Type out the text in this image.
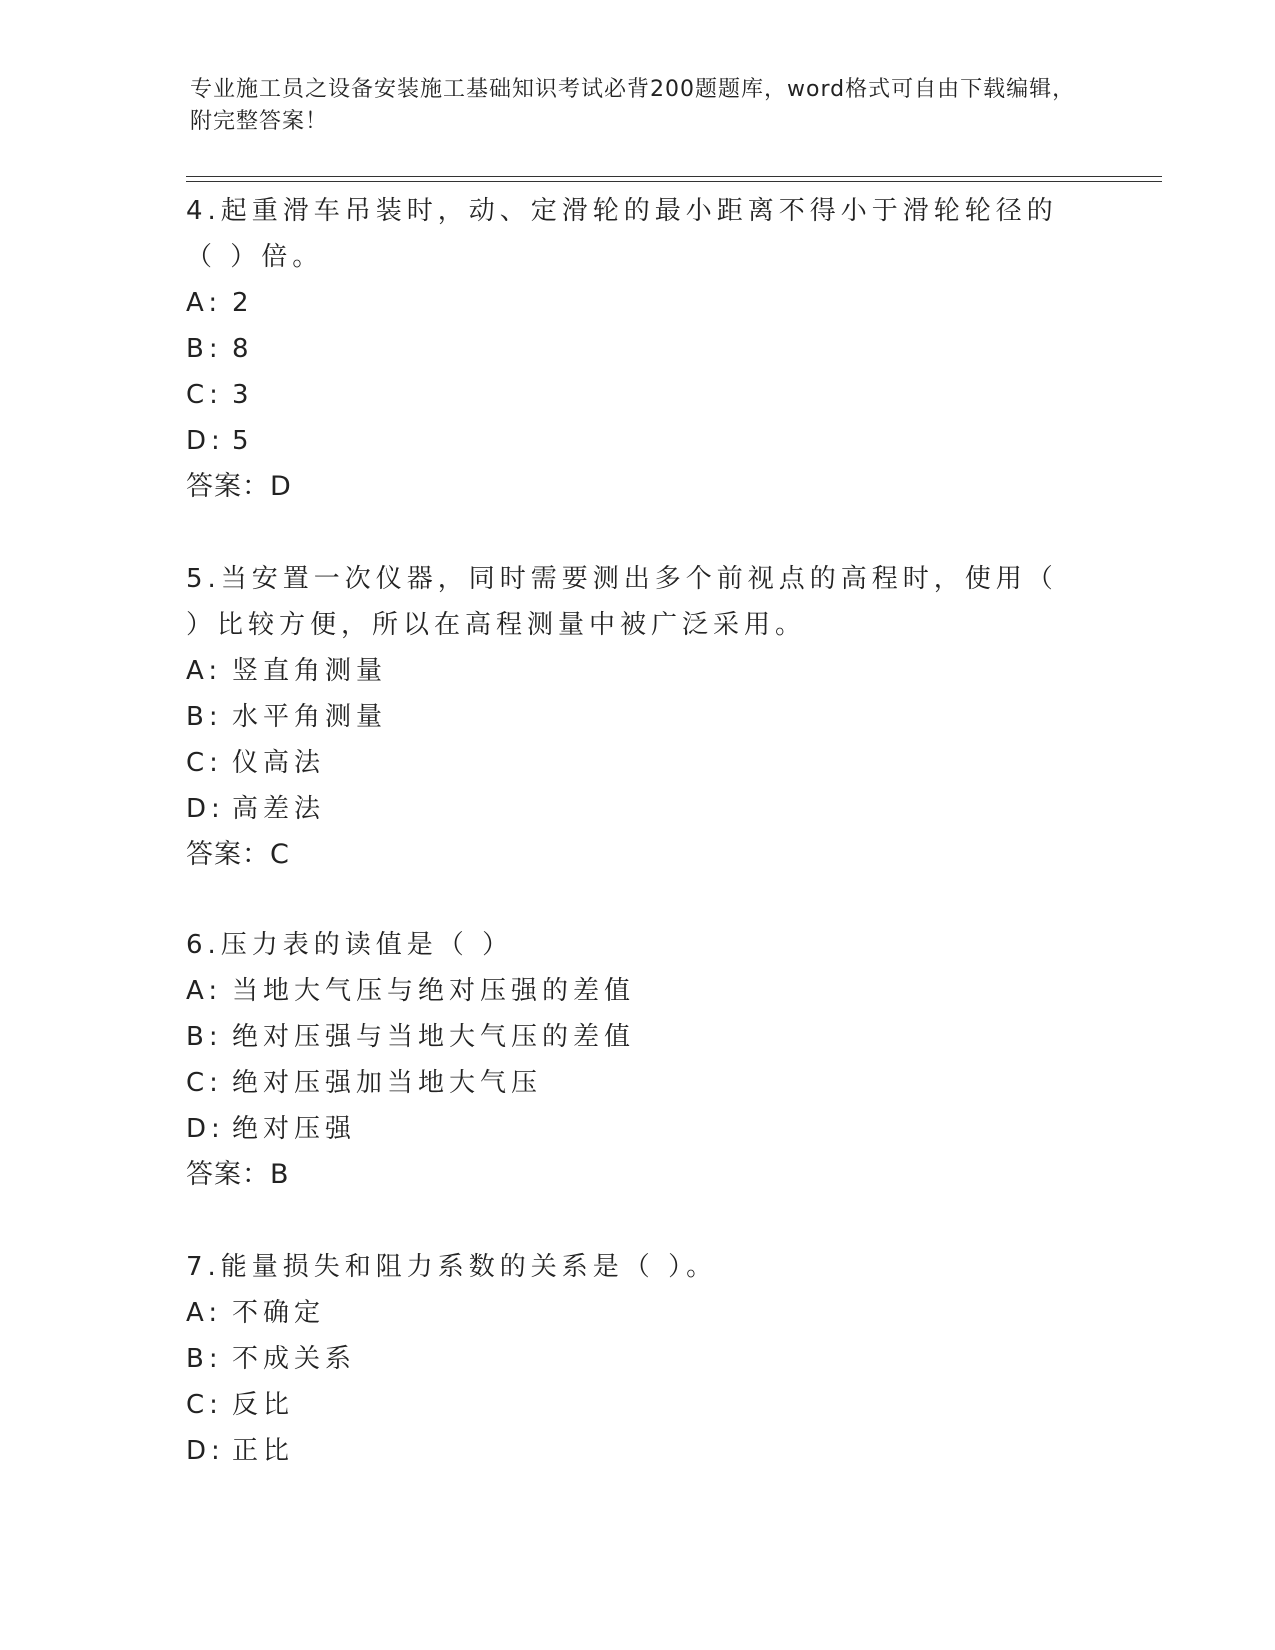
专业施工员之设备安装施工基础知识考试必背200题题库，word格式可自由下载编辑，附完整答案！
4.起重滑车吊装时，动、定滑轮的最小距离不得小于滑轮轮径的（ ）倍。
A: 2
B: 8
C: 3
D: 5
答案：D
5.当安置一次仪器，同时需要测出多个前视点的高程时，使用（ ）比较方便，所以在高程测量中被广泛采用。
A: 竖直角测量
B: 水平角测量
C: 仪高法
D: 高差法
答案：C
6.压力表的读值是（ ）
A: 当地大气压与绝对压强的差值
B: 绝对压强与当地大气压的差值
C: 绝对压强加当地大气压
D: 绝对压强
答案：B
7.能量损失和阻力系数的关系是（ ）。
A: 不确定
B: 不成关系
C: 反比
D: 正比
